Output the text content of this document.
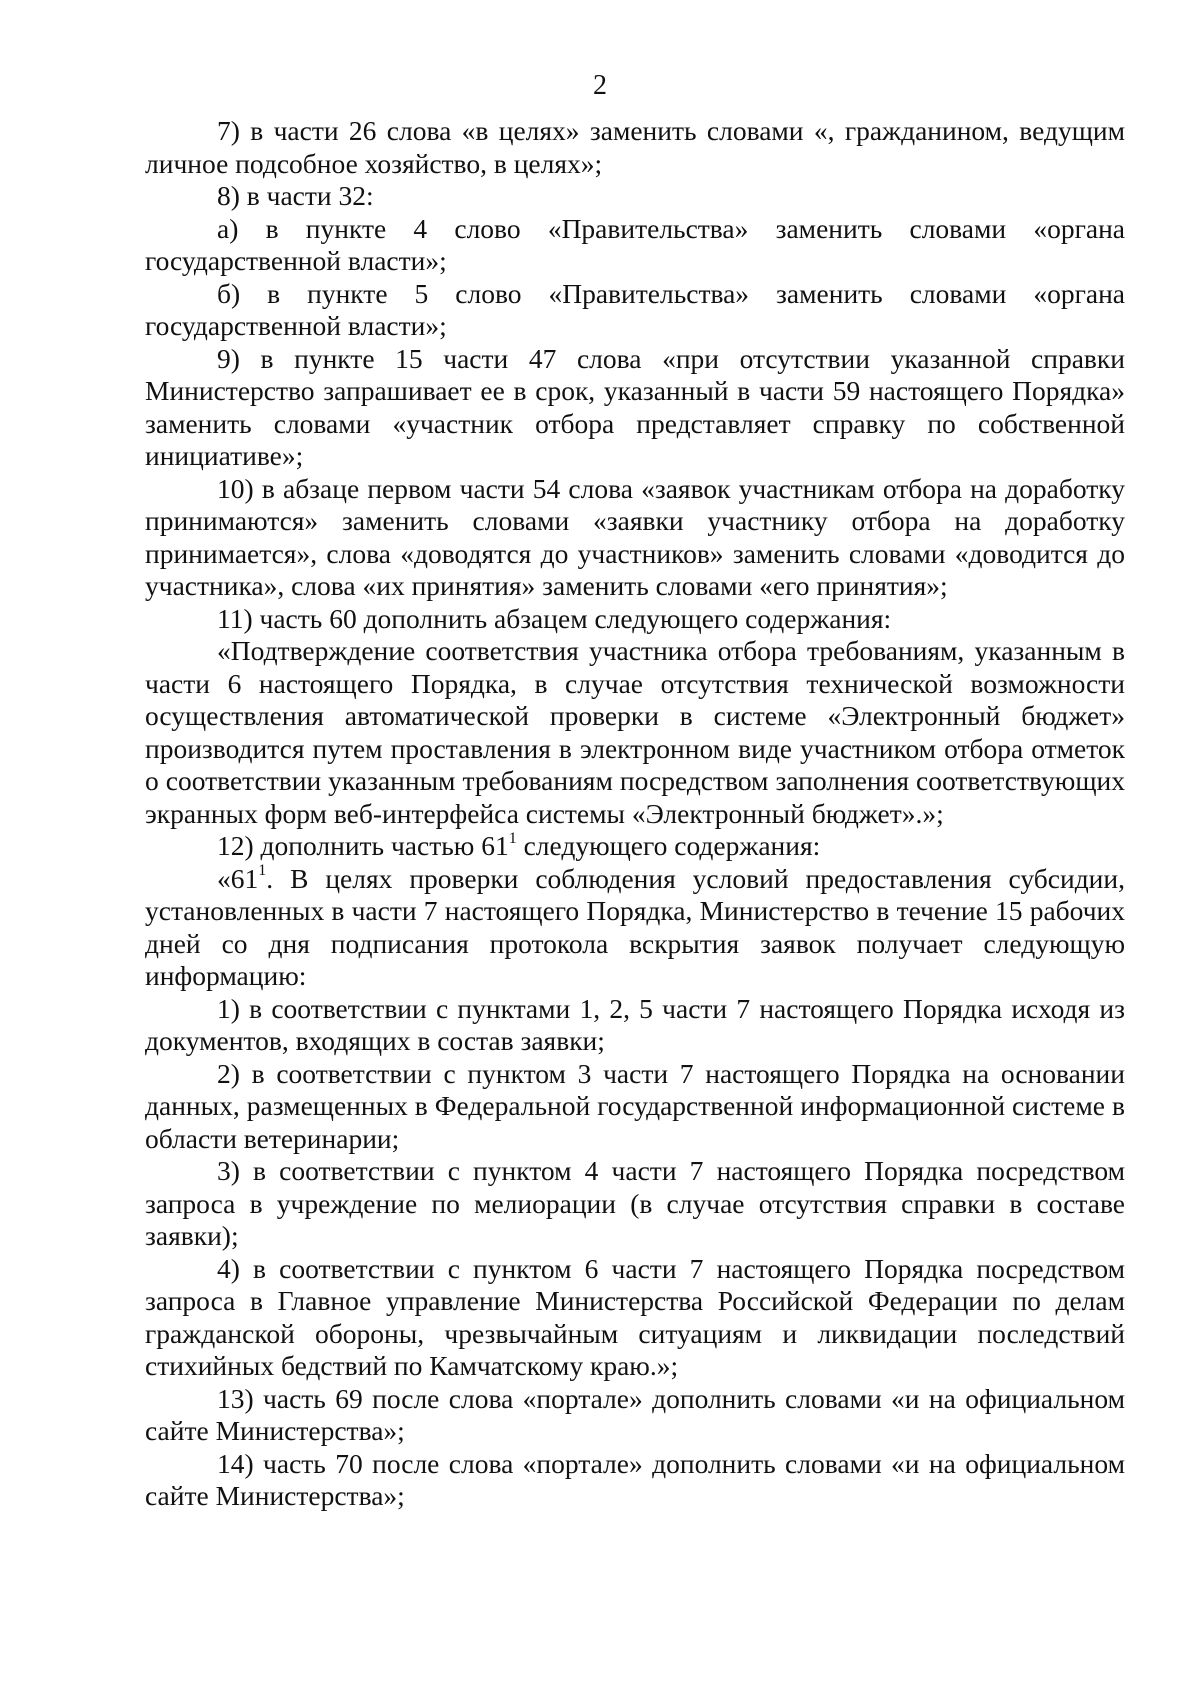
2

7) в части 26 слова «в целях» заменить словами «, гражданином, ведущим личное подсобное хозяйство, в целях»;

8) в части 32:

а) в пункте 4 слово «Правительства» заменить словами «органа государственной власти»;

б) в пункте 5 слово «Правительства» заменить словами «органа государственной власти»;

9) в пункте 15 части 47 слова «при отсутствии указанной справки Министерство запрашивает ее в срок, указанный в части 59 настоящего Порядка» заменить словами «участник отбора представляет справку по собственной инициативе»;

10) в абзаце первом части 54 слова «заявок участникам отбора на доработку принимаются» заменить словами «заявки участнику отбора на доработку принимается», слова «доводятся до участников» заменить словами «доводится до участника», слова «их принятия» заменить словами «его принятия»;

11) часть 60 дополнить абзацем следующего содержания:

«Подтверждение соответствия участника отбора требованиям, указанным в части 6 настоящего Порядка, в случае отсутствия технической возможности осуществления автоматической проверки в системе «Электронный бюджет» производится путем проставления в электронном виде участником отбора отметок о соответствии указанным требованиям посредством заполнения соответствующих экранных форм веб-интерфейса системы «Электронный бюджет».»;

12) дополнить частью $61^1$ следующего содержания:

«$61^1$. В целях проверки соблюдения условий предоставления субсидии, установленных в части 7 настоящего Порядка, Министерство в течение 15 рабочих дней со дня подписания протокола вскрытия заявок получает следующую информацию:

1) в соответствии с пунктами 1, 2, 5 части 7 настоящего Порядка исходя из документов, входящих в состав заявки;

2) в соответствии с пунктом 3 части 7 настоящего Порядка на основании данных, размещенных в Федеральной государственной информационной системе в области ветеринарии;

3) в соответствии с пунктом 4 части 7 настоящего Порядка посредством запроса в учреждение по мелиорации (в случае отсутствия справки в составе заявки);

4) в соответствии с пунктом 6 части 7 настоящего Порядка посредством запроса в Главное управление Министерства Российской Федерации по делам гражданской обороны, чрезвычайным ситуациям и ликвидации последствий стихийных бедствий по Камчатскому краю.»;

13) часть 69 после слова «портале» дополнить словами «и на официальном сайте Министерства»;

14) часть 70 после слова «портале» дополнить словами «и на официальном сайте Министерства»;
